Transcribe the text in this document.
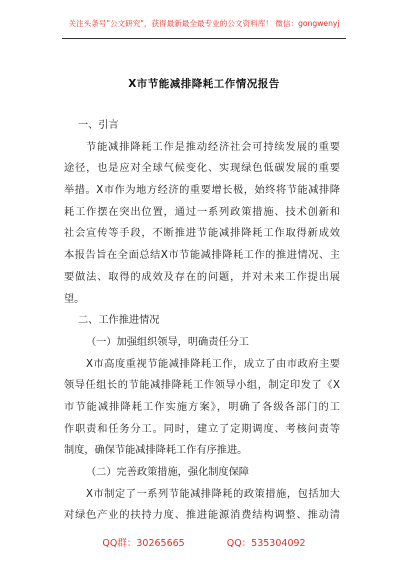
关注头条号"公文研究"，获得最新最全最专业的公文资料库！ 微信：gongwenyj
X市节能减排降耗工作情况报告
一、引言
节能减排降耗工作是推动经济社会可持续发展的重要
途径，也是应对全球气候变化、实现绿色低碳发展的重要
举措。X市作为地方经济的重要增长极，始终将节能减排降
耗工作摆在突出位置，通过一系列政策措施、技术创新和
社会宣传等手段，不断推进节能减排降耗工作取得新成效
本报告旨在全面总结X市节能减排降耗工作的推进情况、主
要做法、取得的成效及存在的问题，并对未来工作提出展
望。
二、工作推进情况
（一）加强组织领导，明确责任分工
X市高度重视节能减排降耗工作，成立了由市政府主要
领导任组长的节能减排降耗工作领导小组，制定印发了《X
市节能减排降耗工作实施方案》，明确了各级各部门的工
作职责和任务分工。同时，建立了定期调度、考核问责等
制度，确保节能减排降耗工作有序推进。
（二）完善政策措施，强化制度保障
X市制定了一系列节能减排降耗的政策措施，包括加大
对绿色产业的扶持力度、推进能源消费结构调整、推动清
QQ群：30265665	QQ：535304092
